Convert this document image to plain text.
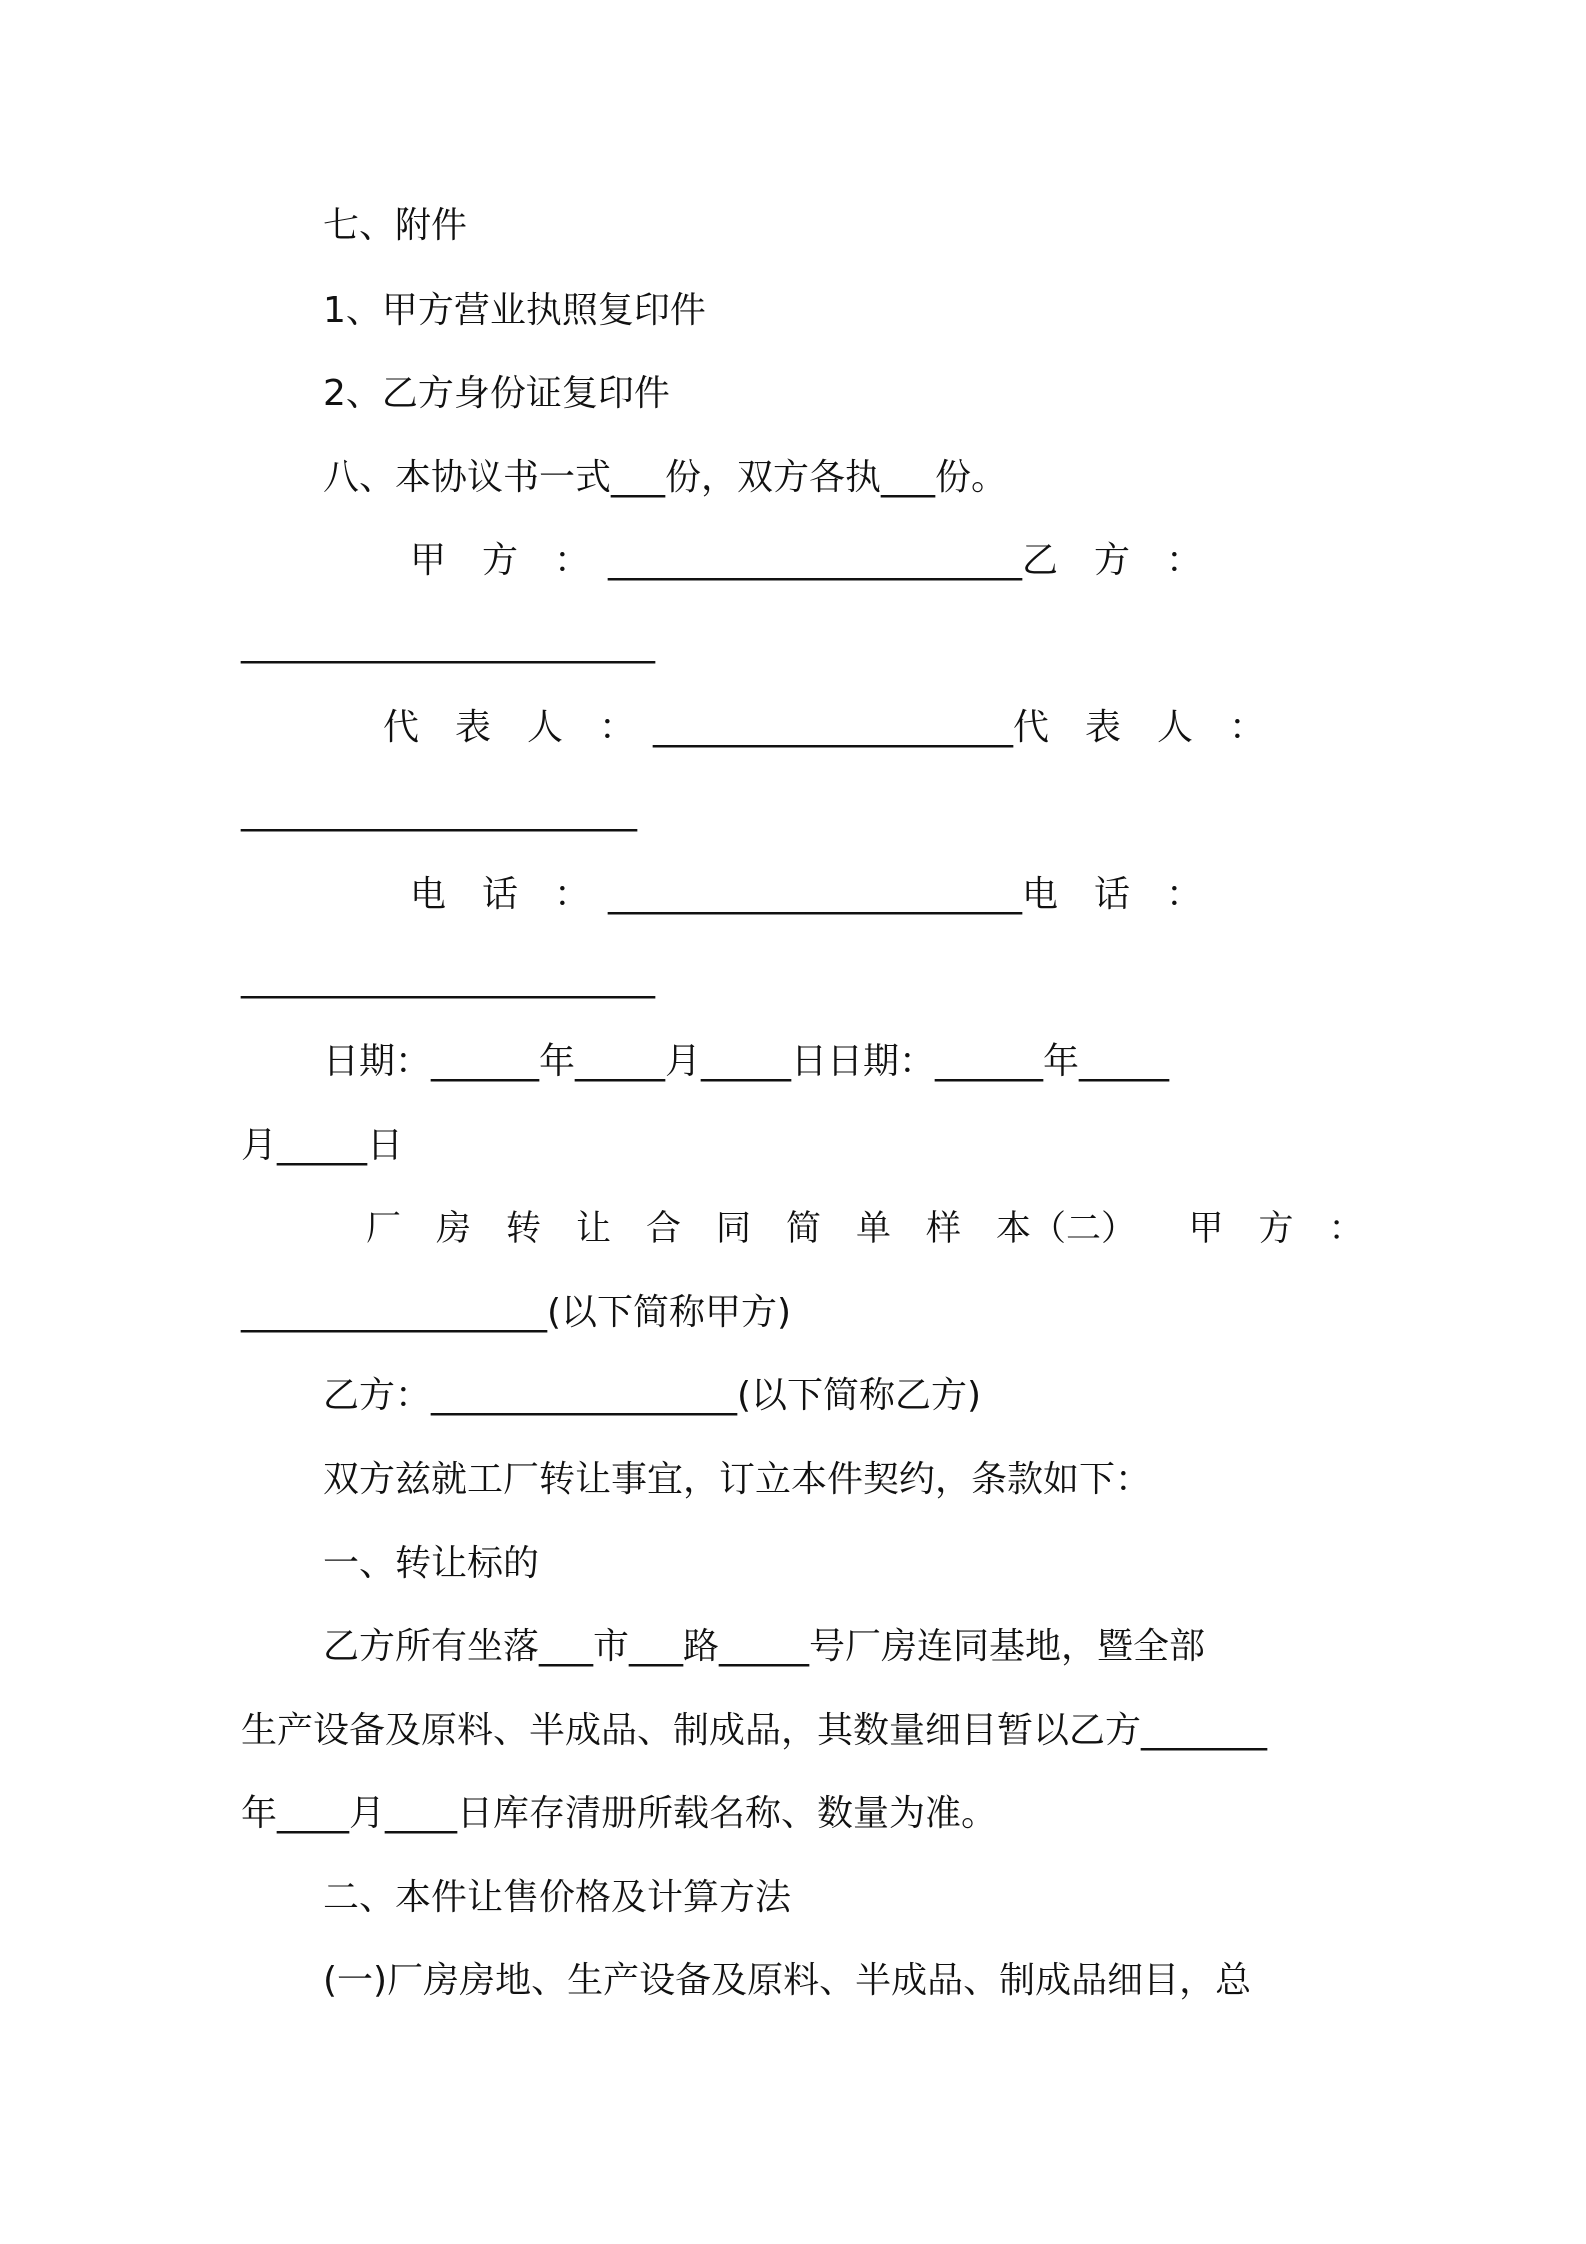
七、附件

1、甲方营业执照复印件

2、乙方身份证复印件

八、本协议书一式___份，双方各执___份。

甲　方　：　_______________________乙　方　：

_______________________

代　表　人　：　____________________代　表　人　：

______________________

电　话　：　_______________________电　话　：

_______________________

日期：______年_____月_____日日期：______年_____

月_____日

厂　房　转　让　合　同　简　单　样　本（二）　　甲　方　：

_________________(以下简称甲方)

乙方：_________________(以下简称乙方)

双方兹就工厂转让事宜，订立本件契约，条款如下：

一、转让标的

乙方所有坐落___市___路_____号厂房连同基地，暨全部

生产设备及原料、半成品、制成品，其数量细目暂以乙方_______

年____月____日库存清册所载名称、数量为准。

二、本件让售价格及计算方法

(一)厂房房地、生产设备及原料、半成品、制成品细目，总
